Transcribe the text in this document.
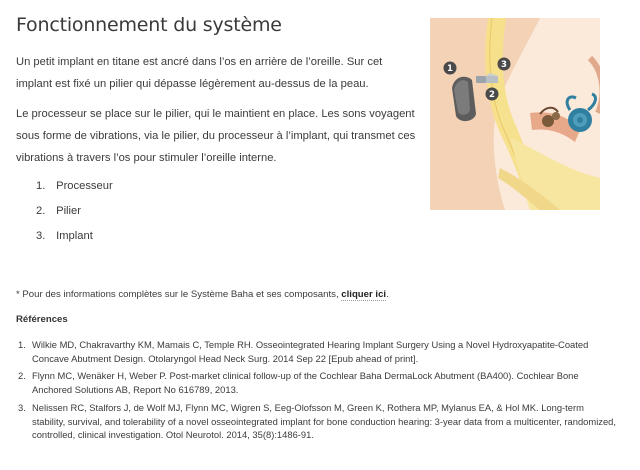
Fonctionnement du système

Un petit implant en titane est ancré dans l’os en arrière de l’oreille. Sur cet implant est fixé un pilier qui dépasse légèrement au-dessus de la peau.

Le processeur se place sur le pilier, qui le maintient en place. Les sons voyagent sous forme de vibrations, via le pilier, du processeur à l’implant, qui transmet ces vibrations à travers l’os pour stimuler l’oreille interne.

1. Processeur
2. Pilier
3. Implant
1
2
3

* Pour des informations complètes sur le Système Baha et ses composants, cliquer ici.

Références
1. Wilkie MD, Chakravarthy KM, Mamais C, Temple RH. Osseointegrated Hearing Implant Surgery Using a Novel Hydroxyapatite-Coated Concave Abutment Design. Otolaryngol Head Neck Surg. 2014 Sep 22 [Epub ahead of print].
2. Flynn MC, Wenäker H, Weber P. Post-market clinical follow-up of the Cochlear Baha DermaLock Abutment (BA400). Cochlear Bone Anchored Solutions AB, Report No 616789, 2013.
3. Nelissen RC, Stalfors J, de Wolf MJ, Flynn MC, Wigren S, Eeg-Olofsson M, Green K, Rothera MP, Mylanus EA, & Hol MK. Long-term stability, survival, and tolerability of a novel osseointegrated implant for bone conduction hearing: 3-year data from a multicenter, randomized, controlled, clinical investigation. Otol Neurotol. 2014, 35(8):1486-91.
